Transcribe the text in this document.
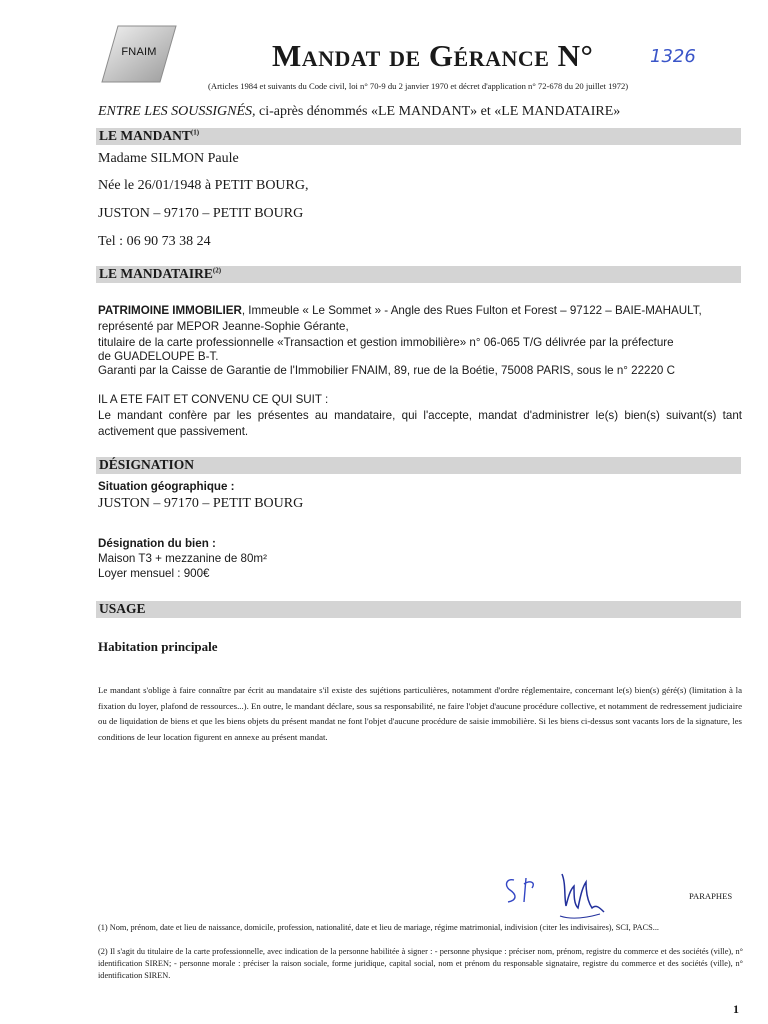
FNAIM	Mandat de Gérance N°	1326
(Articles 1984 et suivants du Code civil, loi n° 70-9 du 2 janvier 1970 et décret d'application n° 72-678 du 20 juillet 1972)
ENTRE LES SOUSSIGNÉS, ci-après dénommés «LE MANDANT» et «LE MANDATAIRE»
LE MANDANT$^{(1)}$
Madame SILMON Paule
Née le 26/01/1948 à PETIT BOURG,
JUSTON – 97170 – PETIT BOURG
Tel : 06 90 73 38 24
LE MANDATAIRE$^{(2)}$
PATRIMOINE IMMOBILIER, Immeuble « Le Sommet » - Angle des Rues Fulton et Forest – 97122 – BAIE-MAHAULT,
représenté par MEPOR Jeanne-Sophie Gérante,
titulaire de la carte professionnelle «Transaction et gestion immobilière» n° 06-065 T/G délivrée par la préfecture
de GUADELOUPE B-T.
Garanti par la Caisse de Garantie de l'Immobilier FNAIM, 89, rue de la Boétie, 75008 PARIS, sous le n° 22220 C
IL A ETE FAIT ET CONVENU CE QUI SUIT :
Le mandant confère par les présentes au mandataire, qui l'accepte, mandat d'administrer le(s) bien(s) suivant(s) tant activement que passivement.
DÉSIGNATION
Situation géographique :
JUSTON – 97170 – PETIT BOURG
Désignation du bien :
Maison T3 + mezzanine de 80m²
Loyer mensuel : 900€
USAGE
Habitation principale
Le mandant s'oblige à faire connaître par écrit au mandataire s'il existe des sujétions particulières, notamment d'ordre réglementaire, concernant le(s) bien(s) géré(s) (limitation à la fixation du loyer, plafond de ressources...). En outre, le mandant déclare, sous sa responsabilité, ne faire l'objet d'aucune procédure collective, et notamment de redressement judiciaire ou de liquidation de biens et que les biens objets du présent mandat ne font l'objet d'aucune procédure de saisie immobilière. Si les biens ci-dessus sont vacants lors de la signature, les conditions de leur location figurent en annexe au présent mandat.
PARAPHES
(1) Nom, prénom, date et lieu de naissance, domicile, profession, nationalité, date et lieu de mariage, régime matrimonial, indivision (citer les indivisaires), SCI, PACS...
(2) Il s'agit du titulaire de la carte professionnelle, avec indication de la personne habilitée à signer : - personne physique : préciser nom, prénom, registre du commerce et des sociétés (ville), n° identification SIREN; - personne morale : préciser la raison sociale, forme juridique, capital social, nom et prénom du responsable signataire, registre du commerce et des sociétés (ville), n° identification SIREN.
1
